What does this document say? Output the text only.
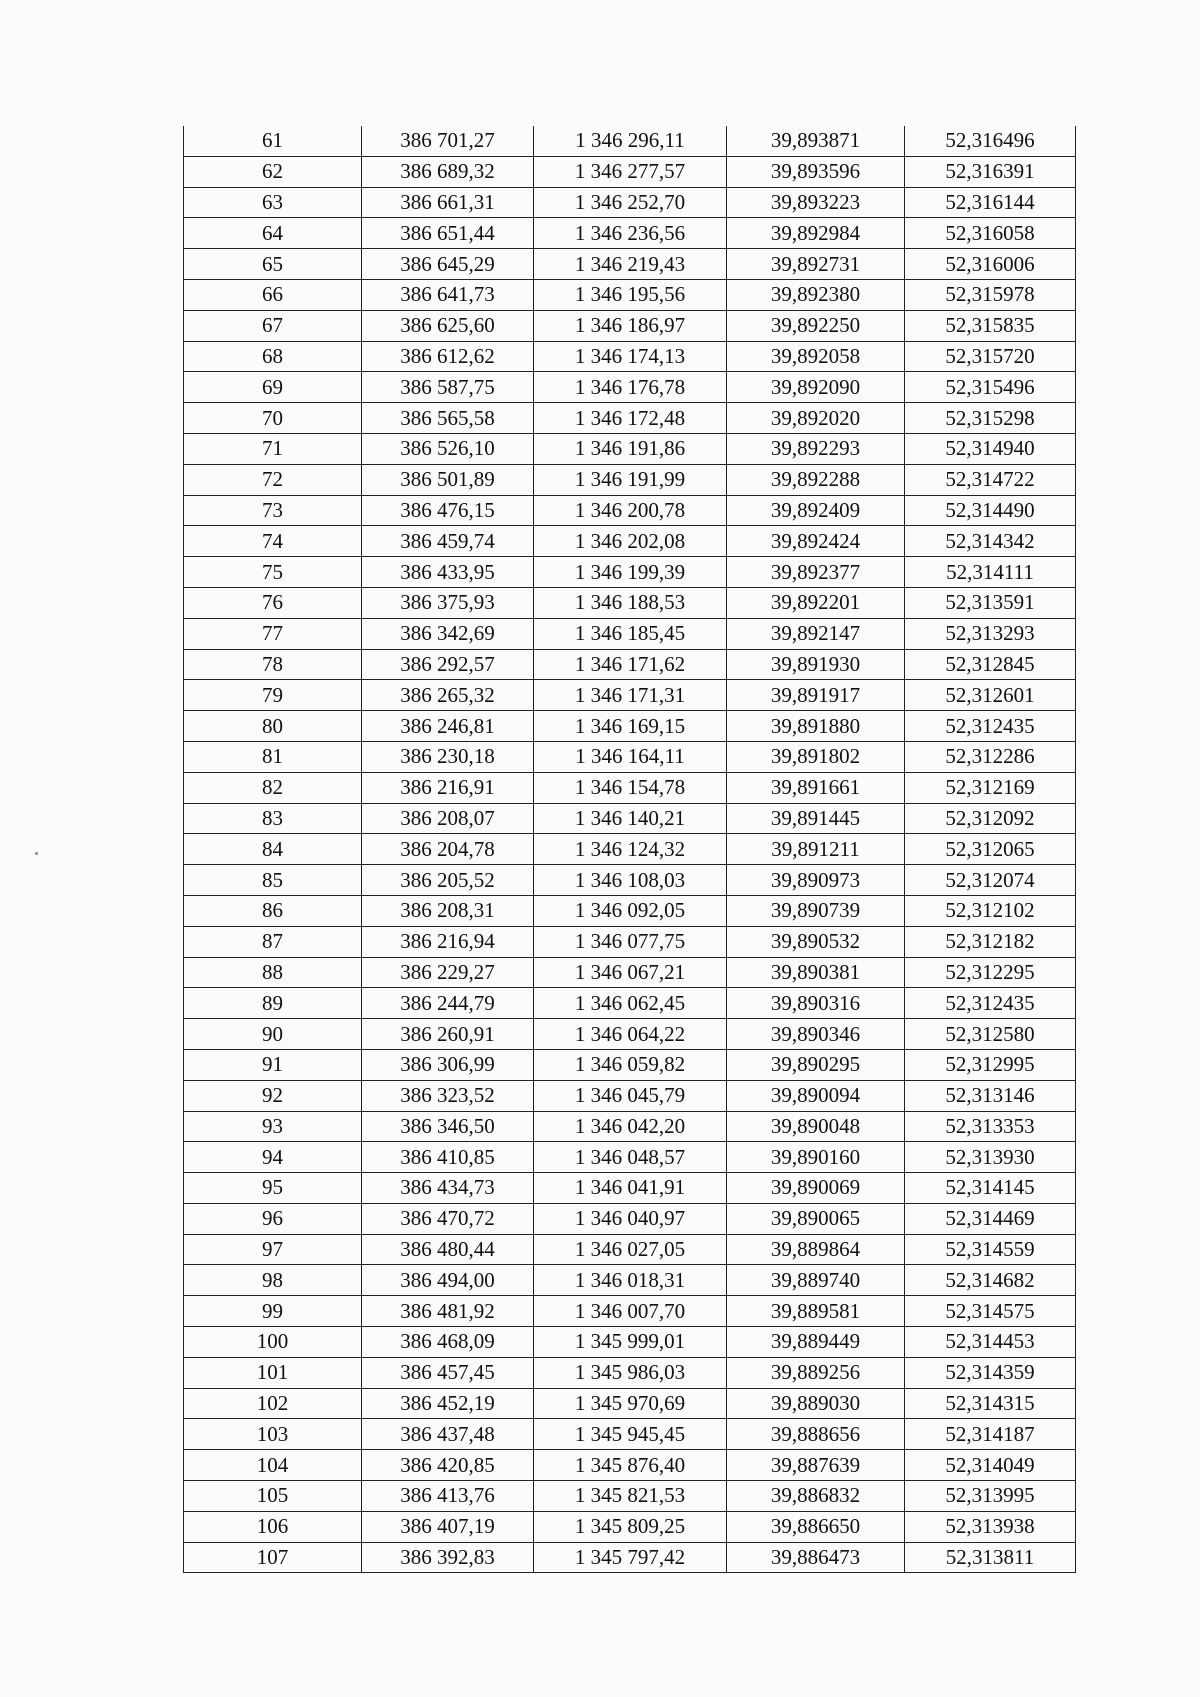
61	386 701,27	1 346 296,11	39,893871	52,316496
62	386 689,32	1 346 277,57	39,893596	52,316391
63	386 661,31	1 346 252,70	39,893223	52,316144
64	386 651,44	1 346 236,56	39,892984	52,316058
65	386 645,29	1 346 219,43	39,892731	52,316006
66	386 641,73	1 346 195,56	39,892380	52,315978
67	386 625,60	1 346 186,97	39,892250	52,315835
68	386 612,62	1 346 174,13	39,892058	52,315720
69	386 587,75	1 346 176,78	39,892090	52,315496
70	386 565,58	1 346 172,48	39,892020	52,315298
71	386 526,10	1 346 191,86	39,892293	52,314940
72	386 501,89	1 346 191,99	39,892288	52,314722
73	386 476,15	1 346 200,78	39,892409	52,314490
74	386 459,74	1 346 202,08	39,892424	52,314342
75	386 433,95	1 346 199,39	39,892377	52,314111
76	386 375,93	1 346 188,53	39,892201	52,313591
77	386 342,69	1 346 185,45	39,892147	52,313293
78	386 292,57	1 346 171,62	39,891930	52,312845
79	386 265,32	1 346 171,31	39,891917	52,312601
80	386 246,81	1 346 169,15	39,891880	52,312435
81	386 230,18	1 346 164,11	39,891802	52,312286
82	386 216,91	1 346 154,78	39,891661	52,312169
83	386 208,07	1 346 140,21	39,891445	52,312092
84	386 204,78	1 346 124,32	39,891211	52,312065
85	386 205,52	1 346 108,03	39,890973	52,312074
86	386 208,31	1 346 092,05	39,890739	52,312102
87	386 216,94	1 346 077,75	39,890532	52,312182
88	386 229,27	1 346 067,21	39,890381	52,312295
89	386 244,79	1 346 062,45	39,890316	52,312435
90	386 260,91	1 346 064,22	39,890346	52,312580
91	386 306,99	1 346 059,82	39,890295	52,312995
92	386 323,52	1 346 045,79	39,890094	52,313146
93	386 346,50	1 346 042,20	39,890048	52,313353
94	386 410,85	1 346 048,57	39,890160	52,313930
95	386 434,73	1 346 041,91	39,890069	52,314145
96	386 470,72	1 346 040,97	39,890065	52,314469
97	386 480,44	1 346 027,05	39,889864	52,314559
98	386 494,00	1 346 018,31	39,889740	52,314682
99	386 481,92	1 346 007,70	39,889581	52,314575
100	386 468,09	1 345 999,01	39,889449	52,314453
101	386 457,45	1 345 986,03	39,889256	52,314359
102	386 452,19	1 345 970,69	39,889030	52,314315
103	386 437,48	1 345 945,45	39,888656	52,314187
104	386 420,85	1 345 876,40	39,887639	52,314049
105	386 413,76	1 345 821,53	39,886832	52,313995
106	386 407,19	1 345 809,25	39,886650	52,313938
107	386 392,83	1 345 797,42	39,886473	52,313811
